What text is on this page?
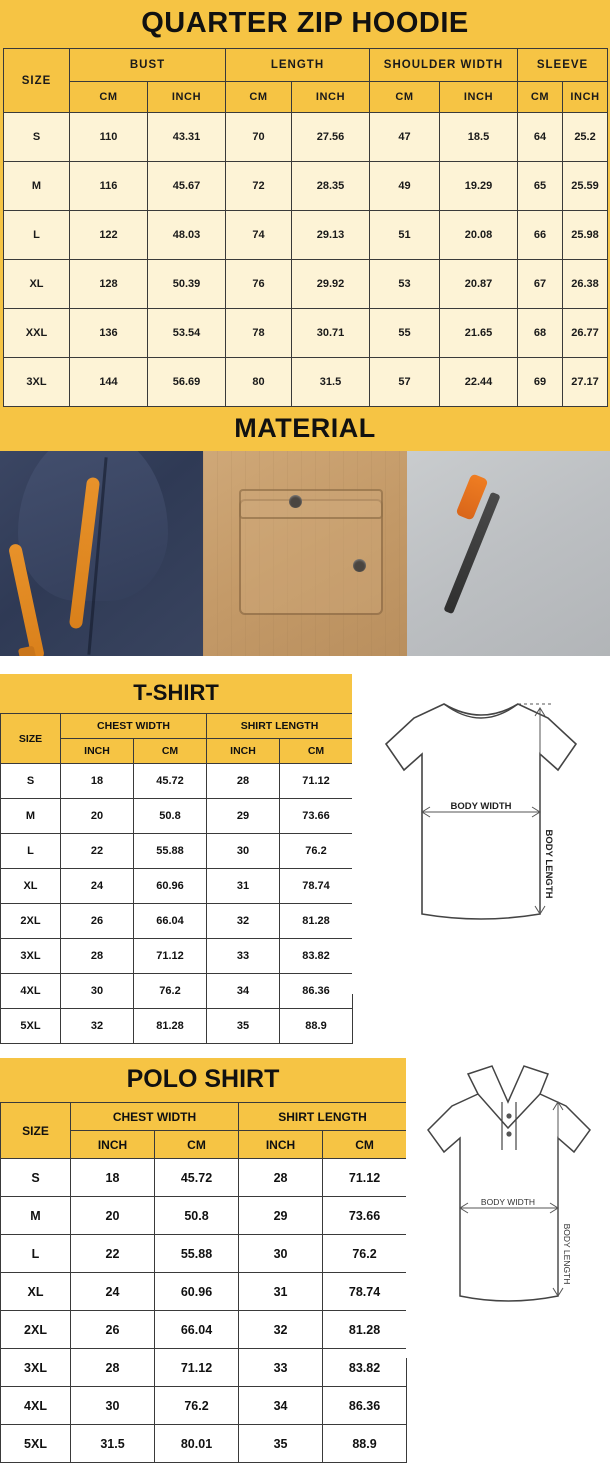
QUARTER ZIP HOODIE
SIZE	BUST		LENGTH		SHOULDER WIDTH		SLEEVE	
	CM	INCH	CM	INCH	CM	INCH	CM	INCH
S	110	43.31	70	27.56	47	18.5	64	25.2
M	116	45.67	72	28.35	49	19.29	65	25.59
L	122	48.03	74	29.13	51	20.08	66	25.98
XL	128	50.39	76	29.92	53	20.87	67	26.38
XXL	136	53.54	78	30.71	55	21.65	68	26.77
3XL	144	56.69	80	31.5	57	22.44	69	27.17
MATERIAL
T-SHIRT
SIZE	CHEST WIDTH		SHIRT LENGTH	
	INCH	CM	INCH	CM
S	18	45.72	28	71.12
M	20	50.8	29	73.66
L	22	55.88	30	76.2
XL	24	60.96	31	78.74
2XL	26	66.04	32	81.28
3XL	28	71.12	33	83.82
4XL	30	76.2	34	86.36
5XL	32	81.28	35	88.9
BODY WIDTH
BODY LENGTH
POLO SHIRT
SIZE	CHEST WIDTH		SHIRT LENGTH	
	INCH	CM	INCH	CM
S	18	45.72	28	71.12
M	20	50.8	29	73.66
L	22	55.88	30	76.2
XL	24	60.96	31	78.74
2XL	26	66.04	32	81.28
3XL	28	71.12	33	83.82
4XL	30	76.2	34	86.36
5XL	31.5	80.01	35	88.9
BODY WIDTH
BODY LENGTH
